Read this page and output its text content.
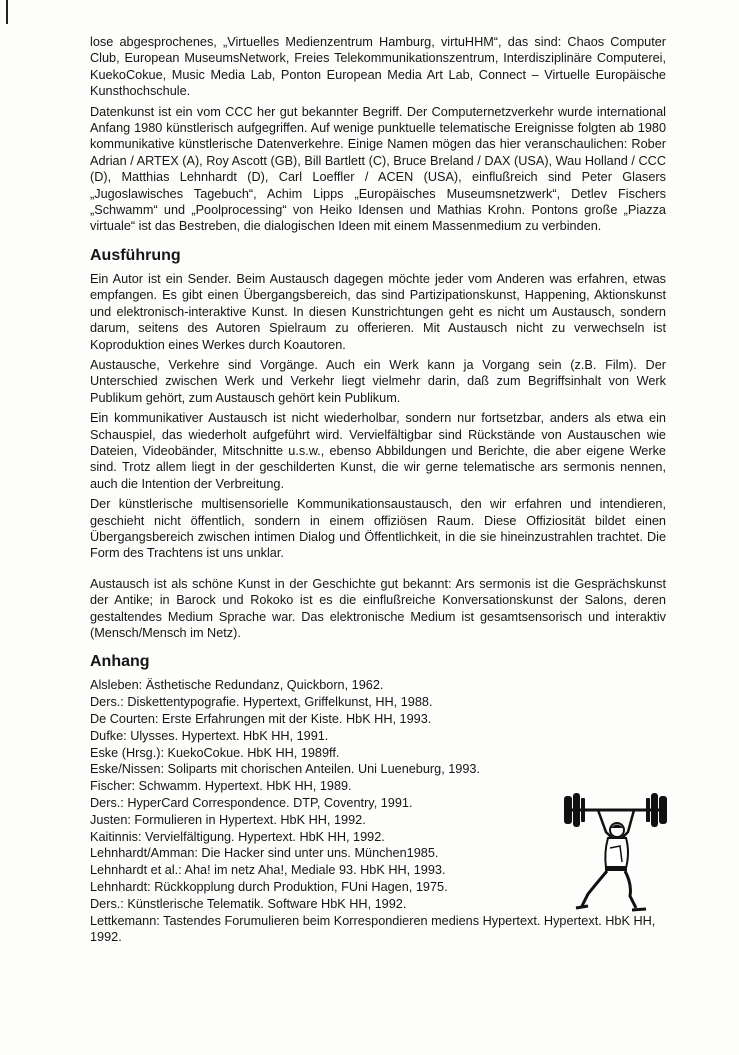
lose abgesprochenes, „Virtuelles Medienzentrum Hamburg, virtuHHM“, das sind: Chaos Computer Club, European MuseumsNetwork, Freies Telekommunikationszentrum, Interdisziplinäre Computerei, KuekoCokue, Music Media Lab, Ponton European Media Art Lab, Connect – Virtuelle Europäische Kunsthochschule.

Datenkunst ist ein vom CCC her gut bekannter Begriff. Der Computernetzverkehr wurde international Anfang 1980 künstlerisch aufgegriffen. Auf wenige punktuelle telematische Ereignisse folgten ab 1980 kommunikative künstlerische Datenverkehre. Einige Namen mögen das hier veranschaulichen: Rober Adrian / ARTEX (A), Roy Ascott (GB), Bill Bartlett (C), Bruce Breland / DAX (USA), Wau Holland / CCC (D), Matthias Lehnhardt (D), Carl Loeffler / ACEN (USA), einflußreich sind Peter Glasers „Jugoslawisches Tagebuch“, Achim Lipps „Europäisches Museumsnetzwerk“, Detlev Fischers „Schwamm“ und „Poolprocessing“ von Heiko Idensen und Mathias Krohn. Pontons große „Piazza virtuale“ ist das Bestreben, die dialogischen Ideen mit einem Massenmedium zu verbinden.

Ausführung

Ein Autor ist ein Sender. Beim Austausch dagegen möchte jeder vom Anderen was erfahren, etwas empfangen. Es gibt einen Übergangsbereich, das sind Partizipationskunst, Happening, Aktionskunst und elektronisch-interaktive Kunst. In diesen Kunstrichtungen geht es nicht um Austausch, sondern darum, seitens des Autoren Spielraum zu offerieren. Mit Austausch nicht zu verwechseln ist Koproduktion eines Werkes durch Koautoren.

Austausche, Verkehre sind Vorgänge. Auch ein Werk kann ja Vorgang sein (z.B. Film). Der Unterschied zwischen Werk und Verkehr liegt vielmehr darin, daß zum Begriffsinhalt von Werk Publikum gehört, zum Austausch gehört kein Publikum.

Ein kommunikativer Austausch ist nicht wiederholbar, sondern nur fortsetzbar, anders als etwa ein Schauspiel, das wiederholt aufgeführt wird. Vervielfältigbar sind Rückstände von Austauschen wie Dateien, Videobänder, Mitschnitte u.s.w., ebenso Abbildungen und Berichte, die aber eigene Werke sind. Trotz allem liegt in der geschilderten Kunst, die wir gerne telematische ars sermonis nennen, auch die Intention der Verbreitung.

Der künstlerische multisensorielle Kommunikationsaustausch, den wir erfahren und intendieren, geschieht nicht öffentlich, sondern in einem offiziösen Raum. Diese Offiziosität bildet einen Übergangsbereich zwischen intimen Dialog und Öffentlichkeit, in die sie hineinzustrahlen trachtet. Die Form des Trachtens ist uns unklar.

Austausch ist als schöne Kunst in der Geschichte gut bekannt: Ars sermonis ist die Gesprächskunst der Antike; in Barock und Rokoko ist es die einflußreiche Konversationskunst der Salons, deren gestaltendes Medium Sprache war. Das elektronische Medium ist gesamtsensorisch und interaktiv (Mensch/Mensch im Netz).

Anhang
Alsleben: Ästhetische Redundanz, Quickborn, 1962.
Ders.: Diskettentypografie. Hypertext, Griffelkunst, HH, 1988.
De Courten: Erste Erfahrungen mit der Kiste. HbK HH, 1993.
Dufke: Ulysses. Hypertext. HbK HH, 1991.
Eske (Hrsg.): KuekoCokue. HbK HH, 1989ff.
Eske/Nissen: Soliparts mit chorischen Anteilen. Uni Lueneburg, 1993.
Fischer: Schwamm. Hypertext. HbK HH, 1989.
Ders.: HyperCard Correspondence. DTP, Coventry, 1991.
Justen: Formulieren in Hypertext. HbK HH, 1992.
Kaitinnis: Vervielfältigung. Hypertext. HbK HH, 1992.
Lehnhardt/Amman: Die Hacker sind unter uns. München1985.
Lehnhardt et al.: Aha! im netz Aha!, Mediale 93. HbK HH, 1993.
Lehnhardt: Rückkopplung durch Produktion, FUni Hagen, 1975.
Ders.: Künstlerische Telematik. Software HbK HH, 1992.
Lettkemann: Tastendes Forumulieren beim Korrespondieren mediens Hypertext. Hypertext. HbK HH, 1992.
